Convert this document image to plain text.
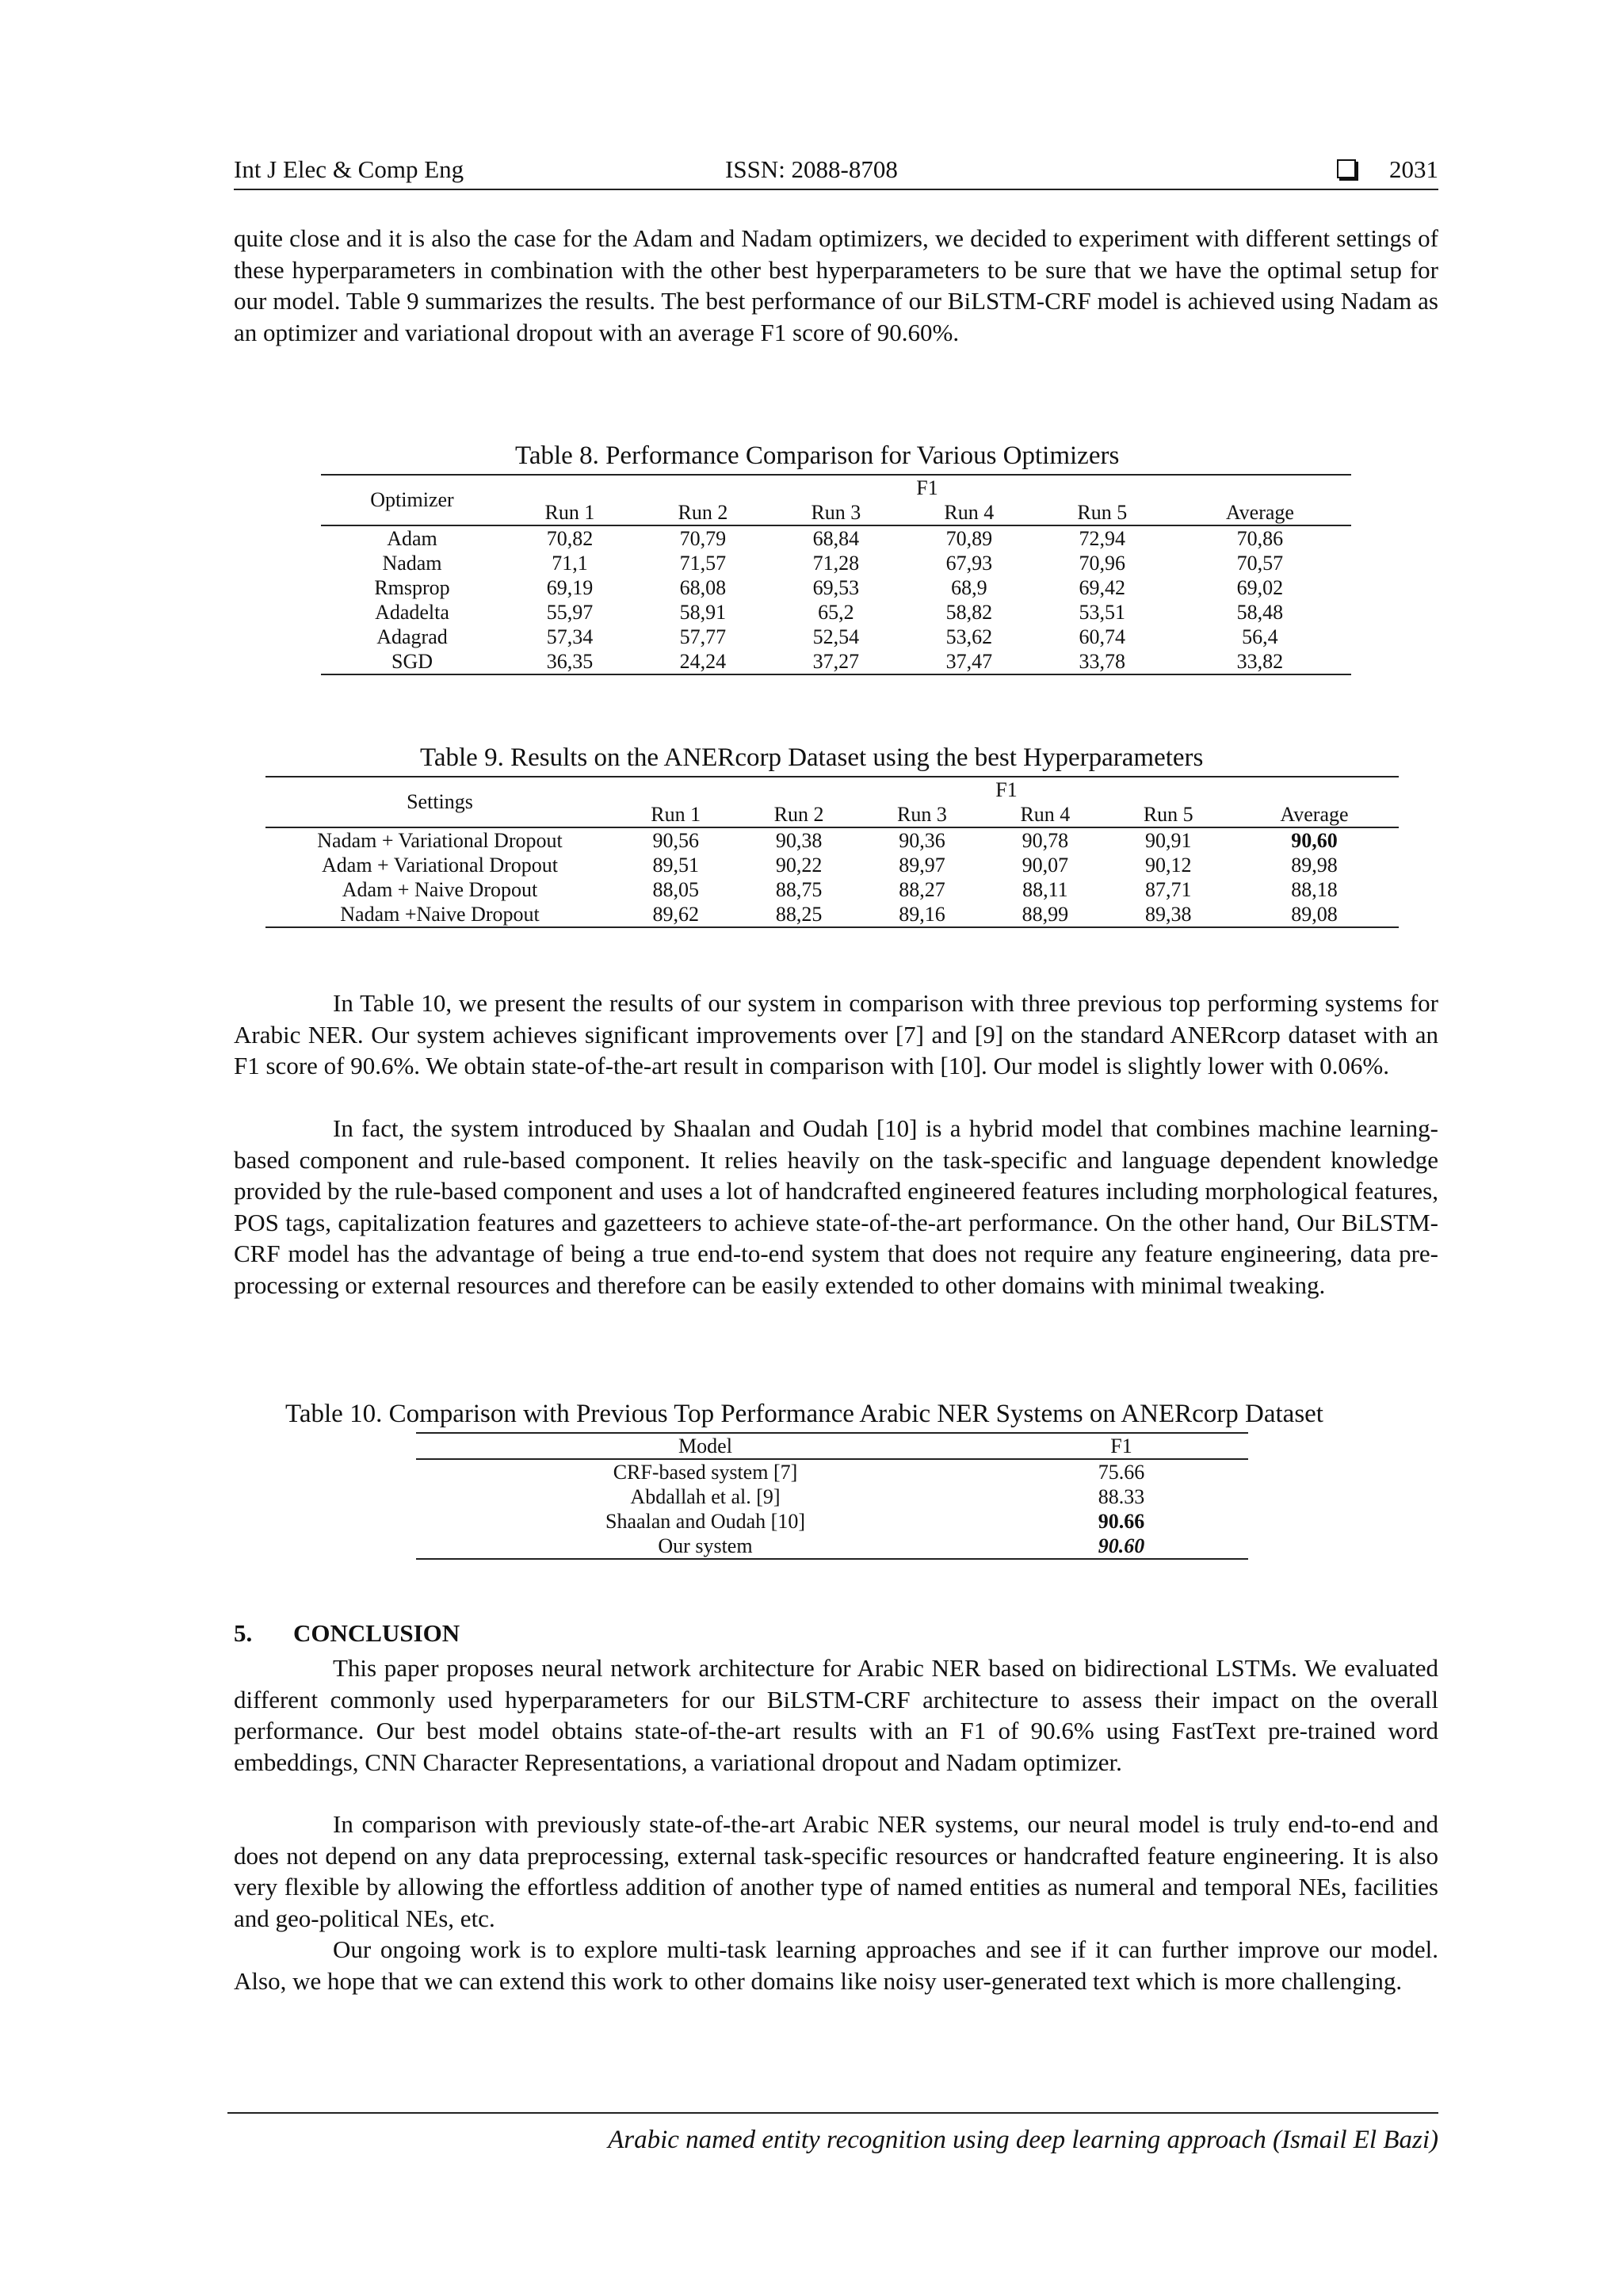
Int J Elec & Comp Eng	ISSN: 2088-8708	2031

quite close and it is also the case for the Adam and Nadam optimizers, we decided to experiment with different settings of these hyperparameters in combination with the other best hyperparameters to be sure that we have the optimal setup for our model. Table 9 summarizes the results. The best performance of our BiLSTM-CRF model is achieved using Nadam as an optimizer and variational dropout with an average F1 score of 90.60%.

Table 8. Performance Comparison for Various Optimizers
Optimizer	F1					
	Run 1	Run 2	Run 3	Run 4	Run 5	Average
Adam	70,82	70,79	68,84	70,89	72,94	70,86
Nadam	71,1	71,57	71,28	67,93	70,96	70,57
Rmsprop	69,19	68,08	69,53	68,9	69,42	69,02
Adadelta	55,97	58,91	65,2	58,82	53,51	58,48
Adagrad	57,34	57,77	52,54	53,62	60,74	56,4
SGD	36,35	24,24	37,27	37,47	33,78	33,82
Table 9. Results on the ANERcorp Dataset using the best Hyperparameters
Settings	F1					
	Run 1	Run 2	Run 3	Run 4	Run 5	Average
Nadam + Variational Dropout	90,56	90,38	90,36	90,78	90,91	90,60
Adam + Variational Dropout	89,51	90,22	89,97	90,07	90,12	89,98
Adam + Naive Dropout	88,05	88,75	88,27	88,11	87,71	88,18
Nadam +Naive Dropout	89,62	88,25	89,16	88,99	89,38	89,08

In Table 10, we present the results of our system in comparison with three previous top performing systems for Arabic NER. Our system achieves significant improvements over [7] and [9] on the standard ANERcorp dataset with an F1 score of 90.6%. We obtain state-of-the-art result in comparison with [10]. Our model is slightly lower with 0.06%.

In fact, the system introduced by Shaalan and Oudah [10] is a hybrid model that combines machine learning-based component and rule-based component. It relies heavily on the task-specific and language dependent knowledge provided by the rule-based component and uses a lot of handcrafted engineered features including morphological features, POS tags, capitalization features and gazetteers to achieve state-of-the-art performance. On the other hand, Our BiLSTM-CRF model has the advantage of being a true end-to-end system that does not require any feature engineering, data pre-processing or external resources and therefore can be easily extended to other domains with minimal tweaking.

Table 10. Comparison with Previous Top Performance Arabic NER Systems on ANERcorp Dataset
Model	F1
CRF-based system [7]	75.66
Abdallah et al. [9]	88.33
Shaalan and Oudah [10]	90.66
Our system	90.60
5. CONCLUSION

This paper proposes neural network architecture for Arabic NER based on bidirectional LSTMs. We evaluated different commonly used hyperparameters for our BiLSTM-CRF architecture to assess their impact on the overall performance. Our best model obtains state-of-the-art results with an F1 of 90.6% using FastText pre-trained word embeddings, CNN Character Representations, a variational dropout and Nadam optimizer.

In comparison with previously state-of-the-art Arabic NER systems, our neural model is truly end-to-end and does not depend on any data preprocessing, external task-specific resources or handcrafted feature engineering. It is also very flexible by allowing the effortless addition of another type of named entities as numeral and temporal NEs, facilities and geo-political NEs, etc.

Our ongoing work is to explore multi-task learning approaches and see if it can further improve our model. Also, we hope that we can extend this work to other domains like noisy user-generated text which is more challenging.

Arabic named entity recognition using deep learning approach (Ismail El Bazi)
